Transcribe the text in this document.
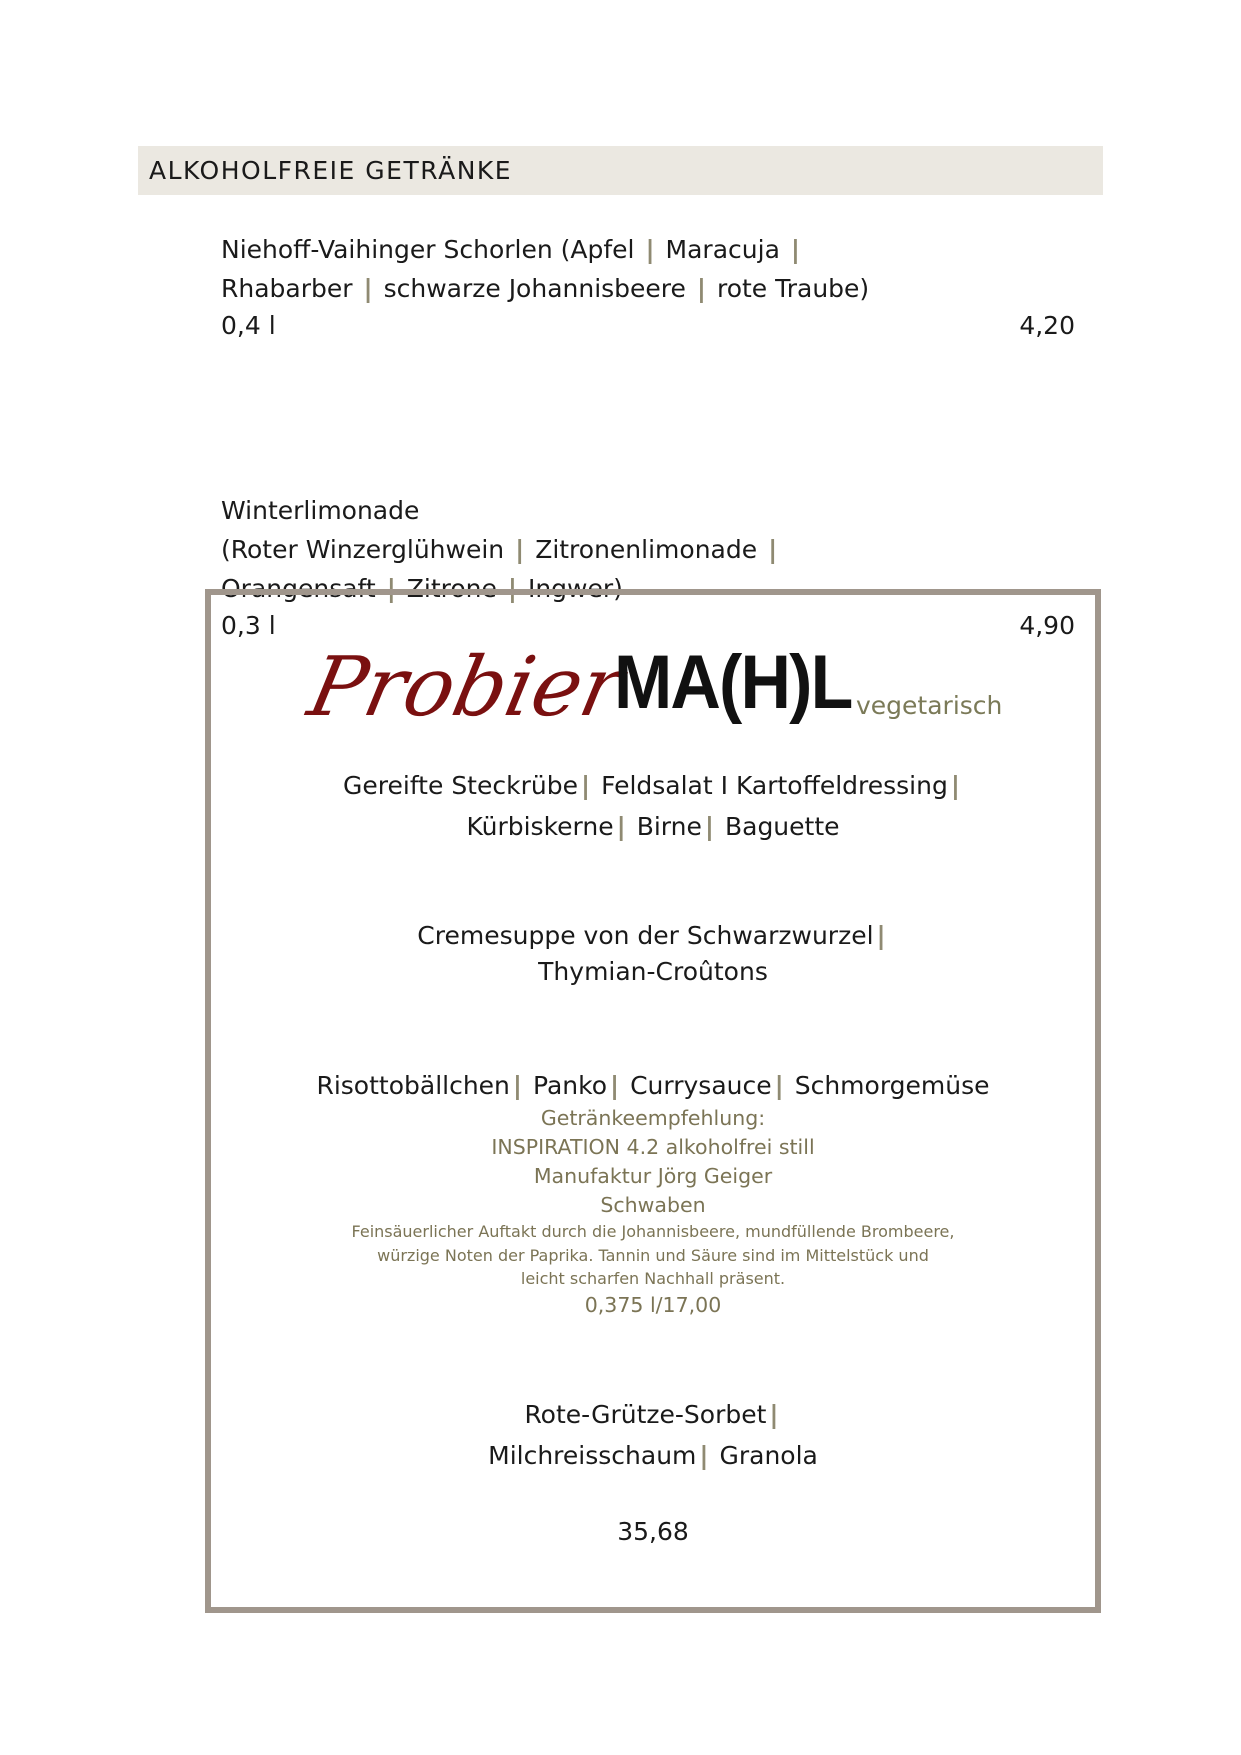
ALKOHOLFREIE GETRÄNKE
Niehoff-Vaihinger Schorlen (Apfel | Maracuja |
Rhabarber | schwarze Johannisbeere | rote Traube)
0,4 l	4,20
Winterlimonade
(Roter Winzerglühwein | Zitronenlimonade |
Orangensaft | Zitrone | Ingwer)
0,3 l	4,90
Probier
MA(H)L vegetarisch
Gereifte Steckrübe | Feldsalat I Kartoffeldressing |
Kürbiskerne | Birne | Baguette
Cremesuppe von der Schwarzwurzel |
Thymian-Croûtons
Risottobällchen | Panko | Currysauce | Schmorgemüse
Getränkeempfehlung:
INSPIRATION 4.2 alkoholfrei still
Manufaktur Jörg Geiger
Schwaben
Feinsäuerlicher Auftakt durch die Johannisbeere, mundfüllende Brombeere,
würzige Noten der Paprika. Tannin und Säure sind im Mittelstück und
leicht scharfen Nachhall präsent.
0,375 l/17,00
Rote-Grütze-Sorbet |
Milchreisschaum | Granola
35,68
